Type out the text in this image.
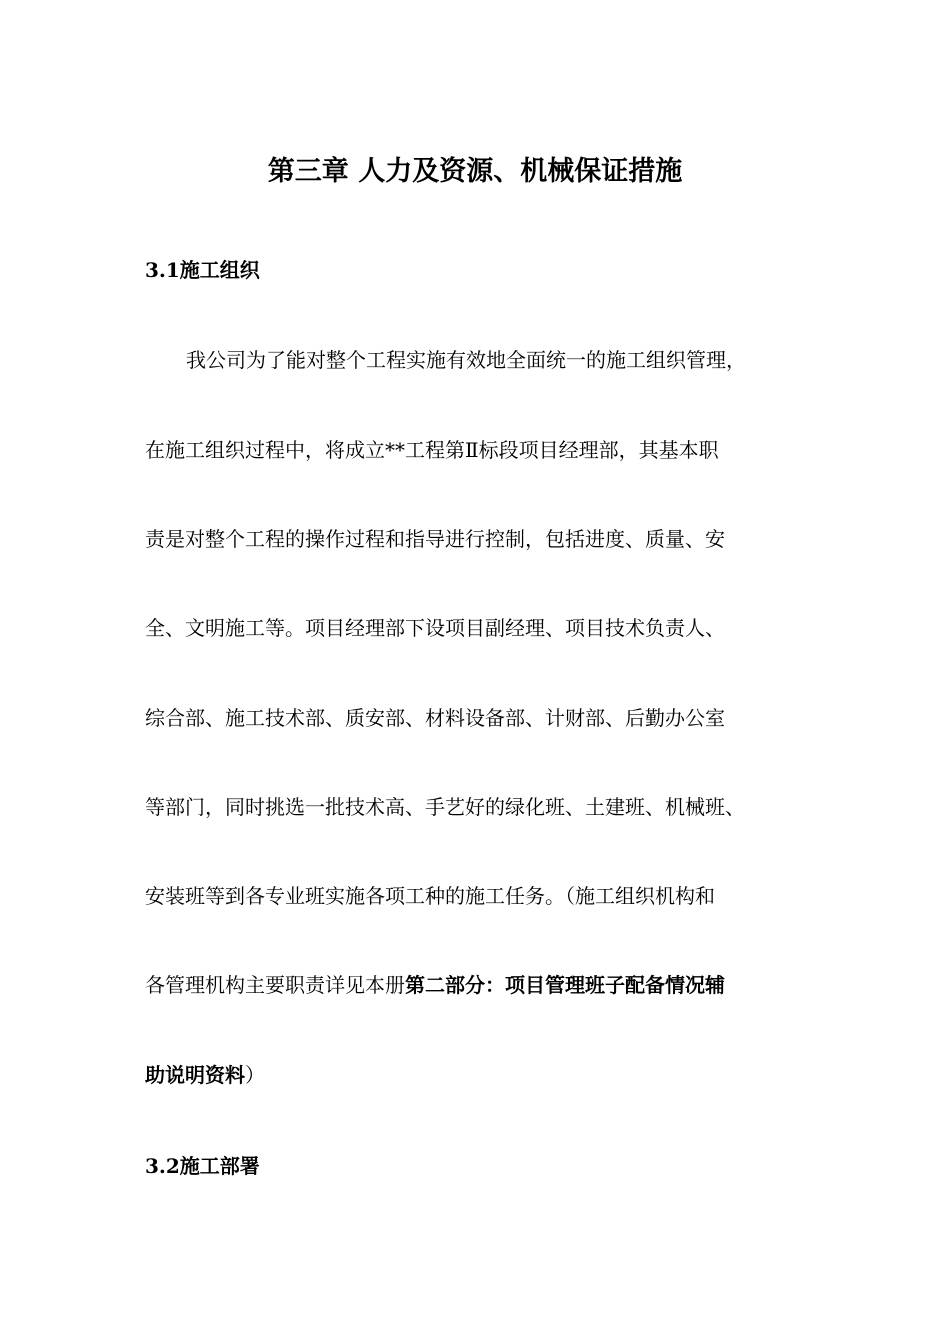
第三章 人力及资源、机械保证措施
3.1施工组织

我公司为了能对整个工程实施有效地全面统一的施工组织管理，

在施工组织过程中，将成立**工程第Ⅱ标段项目经理部，其基本职

责是对整个工程的操作过程和指导进行控制，包括进度、质量、安

全、文明施工等。项目经理部下设项目副经理、项目技术负责人、

综合部、施工技术部、质安部、材料设备部、计财部、后勤办公室

等部门，同时挑选一批技术高、手艺好的绿化班、土建班、机械班、

安装班等到各专业班实施各项工种的施工任务。（施工组织机构和

各管理机构主要职责详见本册第二部分：项目管理班子配备情况辅

助说明资料）

3.2施工部署
